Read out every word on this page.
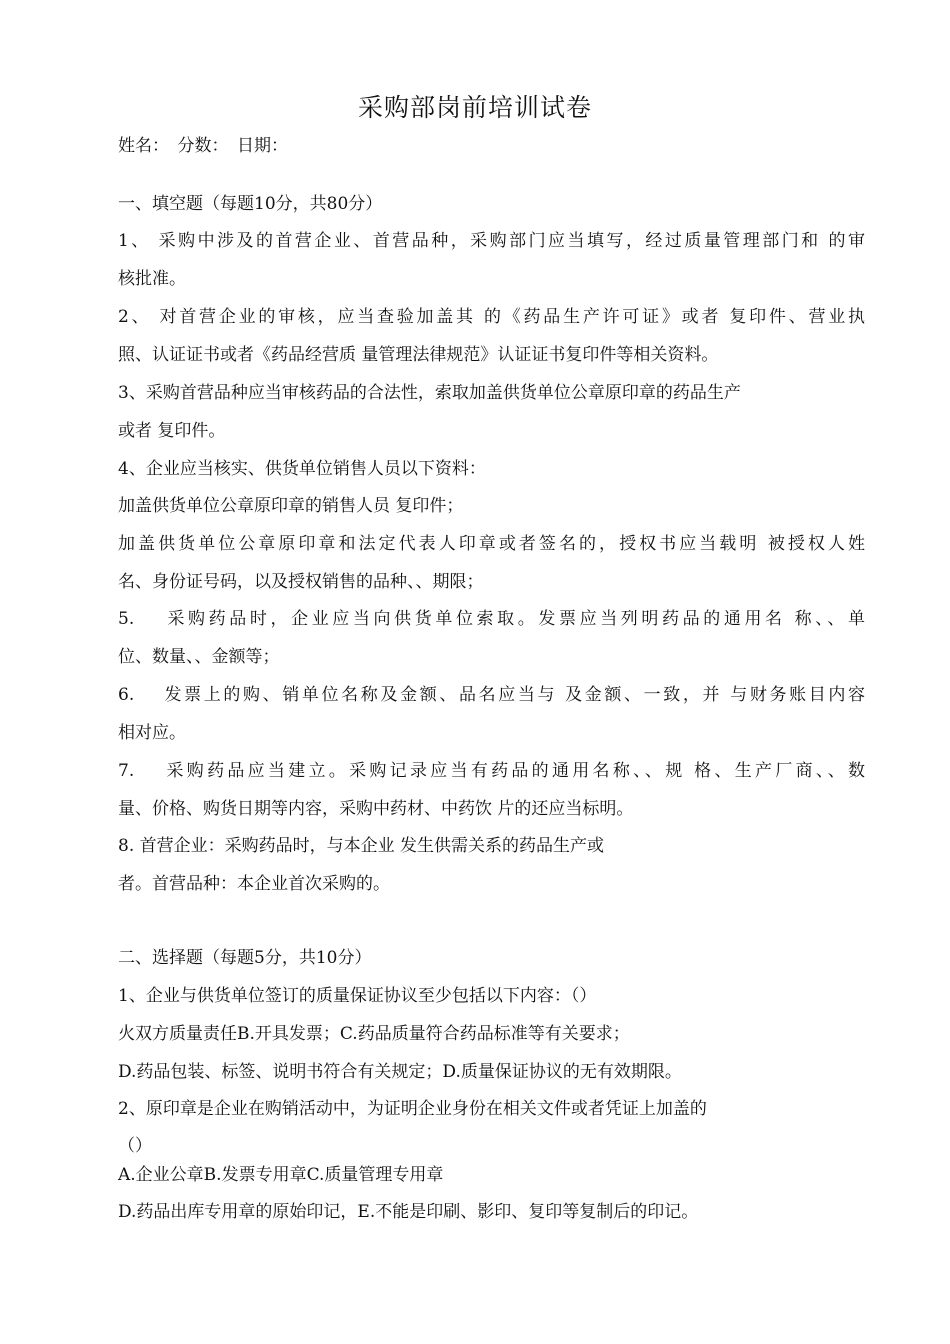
采购部岗前培训试卷
姓名：　分数：　日期：
一、填空题（每题10分，共80分）
1、 采购中涉及的首营企业、首营品种，采购部门应当填写，经过质量管理部门和 的审
核批准。
2、 对首营企业的审核，应当查验加盖其 的《药品生产许可证》或者 复印件、营业执
照、认证证书或者《药品经营质 量管理法律规范》认证证书复印件等相关资料。
3、采购首营品种应当审核药品的合法性，索取加盖供货单位公章原印章的药品生产
或者 复印件。
4、企业应当核实、供货单位销售人员以下资料：
加盖供货单位公章原印章的销售人员 复印件；
加盖供货单位公章原印章和法定代表人印章或者签名的，授权书应当载明 被授权人姓
名、身份证号码，以及授权销售的品种、、期限；
5.　 采购药品时，企业应当向供货单位索取。发票应当列明药品的通用名 称、、单
位、数量、、金额等；
6.　 发票上的购、销单位名称及金额、品名应当与 及金额、一致，并 与财务账目内容
相对应。
7.　 采购药品应当建立。采购记录应当有药品的通用名称、、规 格、生产厂商、、数
量、价格、购货日期等内容，采购中药材、中药饮 片的还应当标明。
8. 首营企业：采购药品时，与本企业 发生供需关系的药品生产或
者。首营品种：本企业首次采购的。
二、选择题（每题5分，共10分）
1、企业与供货单位签订的质量保证协议至少包括以下内容：（）
火双方质量责任B.开具发票；C.药品质量符合药品标准等有关要求；
D.药品包装、标签、说明书符合有关规定；D.质量保证协议的无有效期限。
2、原印章是企业在购销活动中，为证明企业身份在相关文件或者凭证上加盖的
（）
A.企业公章B.发票专用章C.质量管理专用章
D.药品出库专用章的原始印记，E.不能是印刷、影印、复印等复制后的印记。
